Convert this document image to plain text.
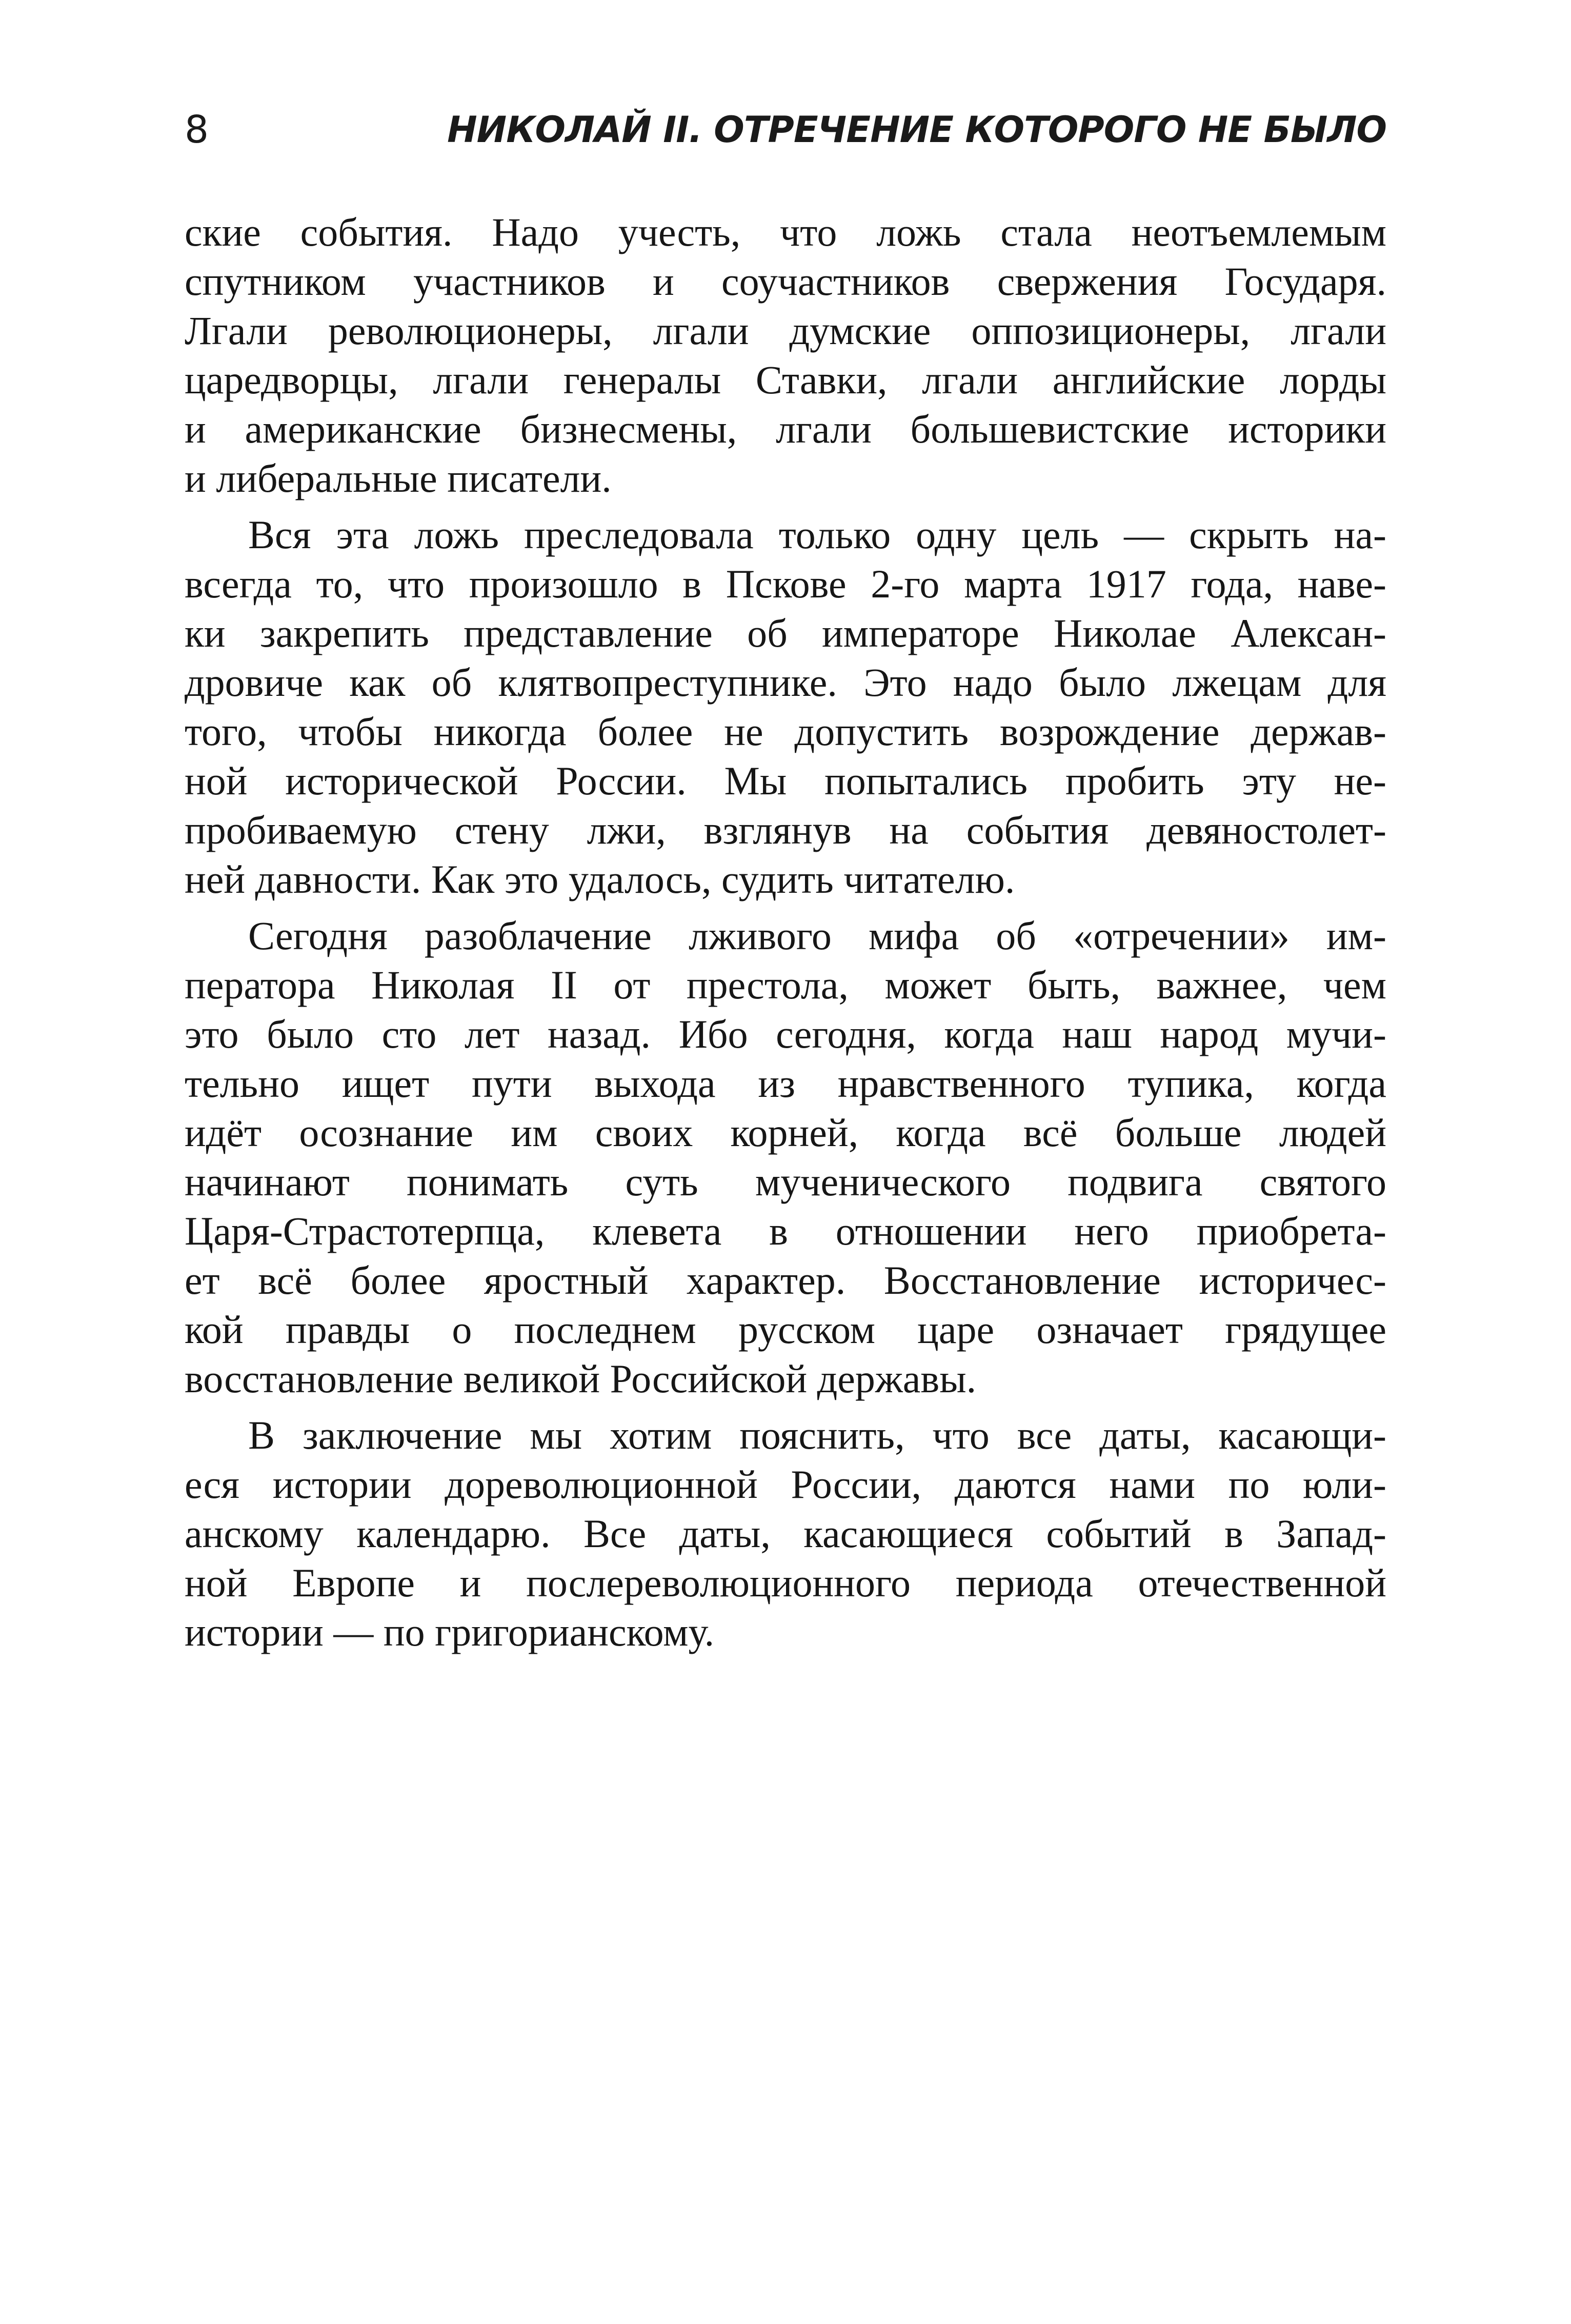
8	НИКОЛАЙ II. ОТРЕЧЕНИЕ КОТОРОГО НЕ БЫЛО

ские события. Надо учесть, что ложь стала неотъемлемым
спутником участников и соучастников свержения Государя.
Лгали революционеры, лгали думские оппозиционеры, лгали
царедворцы, лгали генералы Ставки, лгали английские лорды
и американские бизнесмены, лгали большевистские историки
и либеральные писатели.

Вся эта ложь преследовала только одну цель — скрыть на-
всегда то, что произошло в Пскове 2-го марта 1917 года, наве-
ки закрепить представление об императоре Николае Алексан-
дровиче как об клятвопреступнике. Это надо было лжецам для
того, чтобы никогда более не допустить возрождение держав-
ной исторической России. Мы попытались пробить эту не-
пробиваемую стену лжи, взглянув на события девяностолет-
ней давности. Как это удалось, судить читателю.

Сегодня разоблачение лживого мифа об «отречении» им-
ператора Николая II от престола, может быть, важнее, чем
это было сто лет назад. Ибо сегодня, когда наш народ мучи-
тельно ищет пути выхода из нравственного тупика, когда
идёт осознание им своих корней, когда всё больше людей
начинают понимать суть мученического подвига святого
Царя-Страстотерпца, клевета в отношении него приобрета-
ет всё более яростный характер. Восстановление историчес-
кой правды о последнем русском царе означает грядущее
восстановление великой Российской державы.

В заключение мы хотим пояснить, что все даты, касающи-
еся истории дореволюционной России, даются нами по юли-
анскому календарю. Все даты, касающиеся событий в Запад-
ной Европе и послереволюционного периода отечественной
истории — по григорианскому.
